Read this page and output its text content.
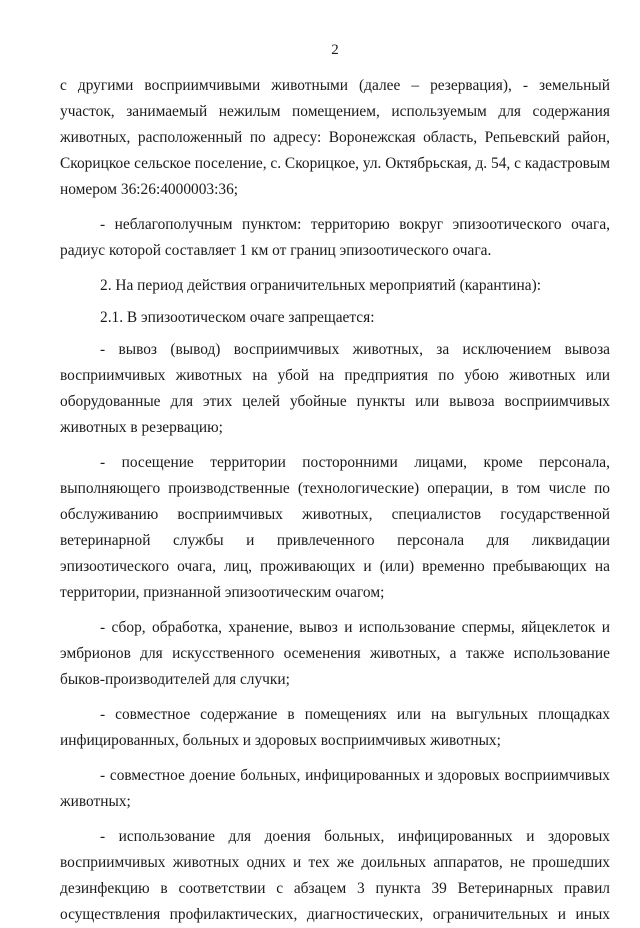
2

с другими восприимчивыми животными (далее – резервация), - земельный участок, занимаемый нежилым помещением, используемым для содержания животных, расположенный по адресу: Воронежская область, Репьевский район, Скорицкое сельское поселение, с. Скорицкое, ул. Октябрьская, д. 54, с кадастровым номером 36:26:4000003:36;

- неблагополучным пунктом: территорию вокруг эпизоотического очага, радиус которой составляет 1 км от границ эпизоотического очага.

2. На период действия ограничительных мероприятий (карантина):

2.1. В эпизоотическом очаге запрещается:

- вывоз (вывод) восприимчивых животных, за исключением вывоза восприимчивых животных на убой на предприятия по убою животных или оборудованные для этих целей убойные пункты или вывоза восприимчивых животных в резервацию;

- посещение территории посторонними лицами, кроме персонала, выполняющего производственные (технологические) операции, в том числе по обслуживанию восприимчивых животных, специалистов государственной ветеринарной службы и привлеченного персонала для ликвидации эпизоотического очага, лиц, проживающих и (или) временно пребывающих на территории, признанной эпизоотическим очагом;

- сбор, обработка, хранение, вывоз и использование спермы, яйцеклеток и эмбрионов для искусственного осеменения животных, а также использование быков-производителей для случки;

- совместное содержание в помещениях или на выгульных площадках инфицированных, больных и здоровых восприимчивых животных;

- совместное доение больных, инфицированных и здоровых восприимчивых животных;

- использование для доения больных, инфицированных и здоровых восприимчивых животных одних и тех же доильных аппаратов, не прошедших дезинфекцию в соответствии с абзацем 3 пункта 39 Ветеринарных правил осуществления профилактических, диагностических, ограничительных и иных
